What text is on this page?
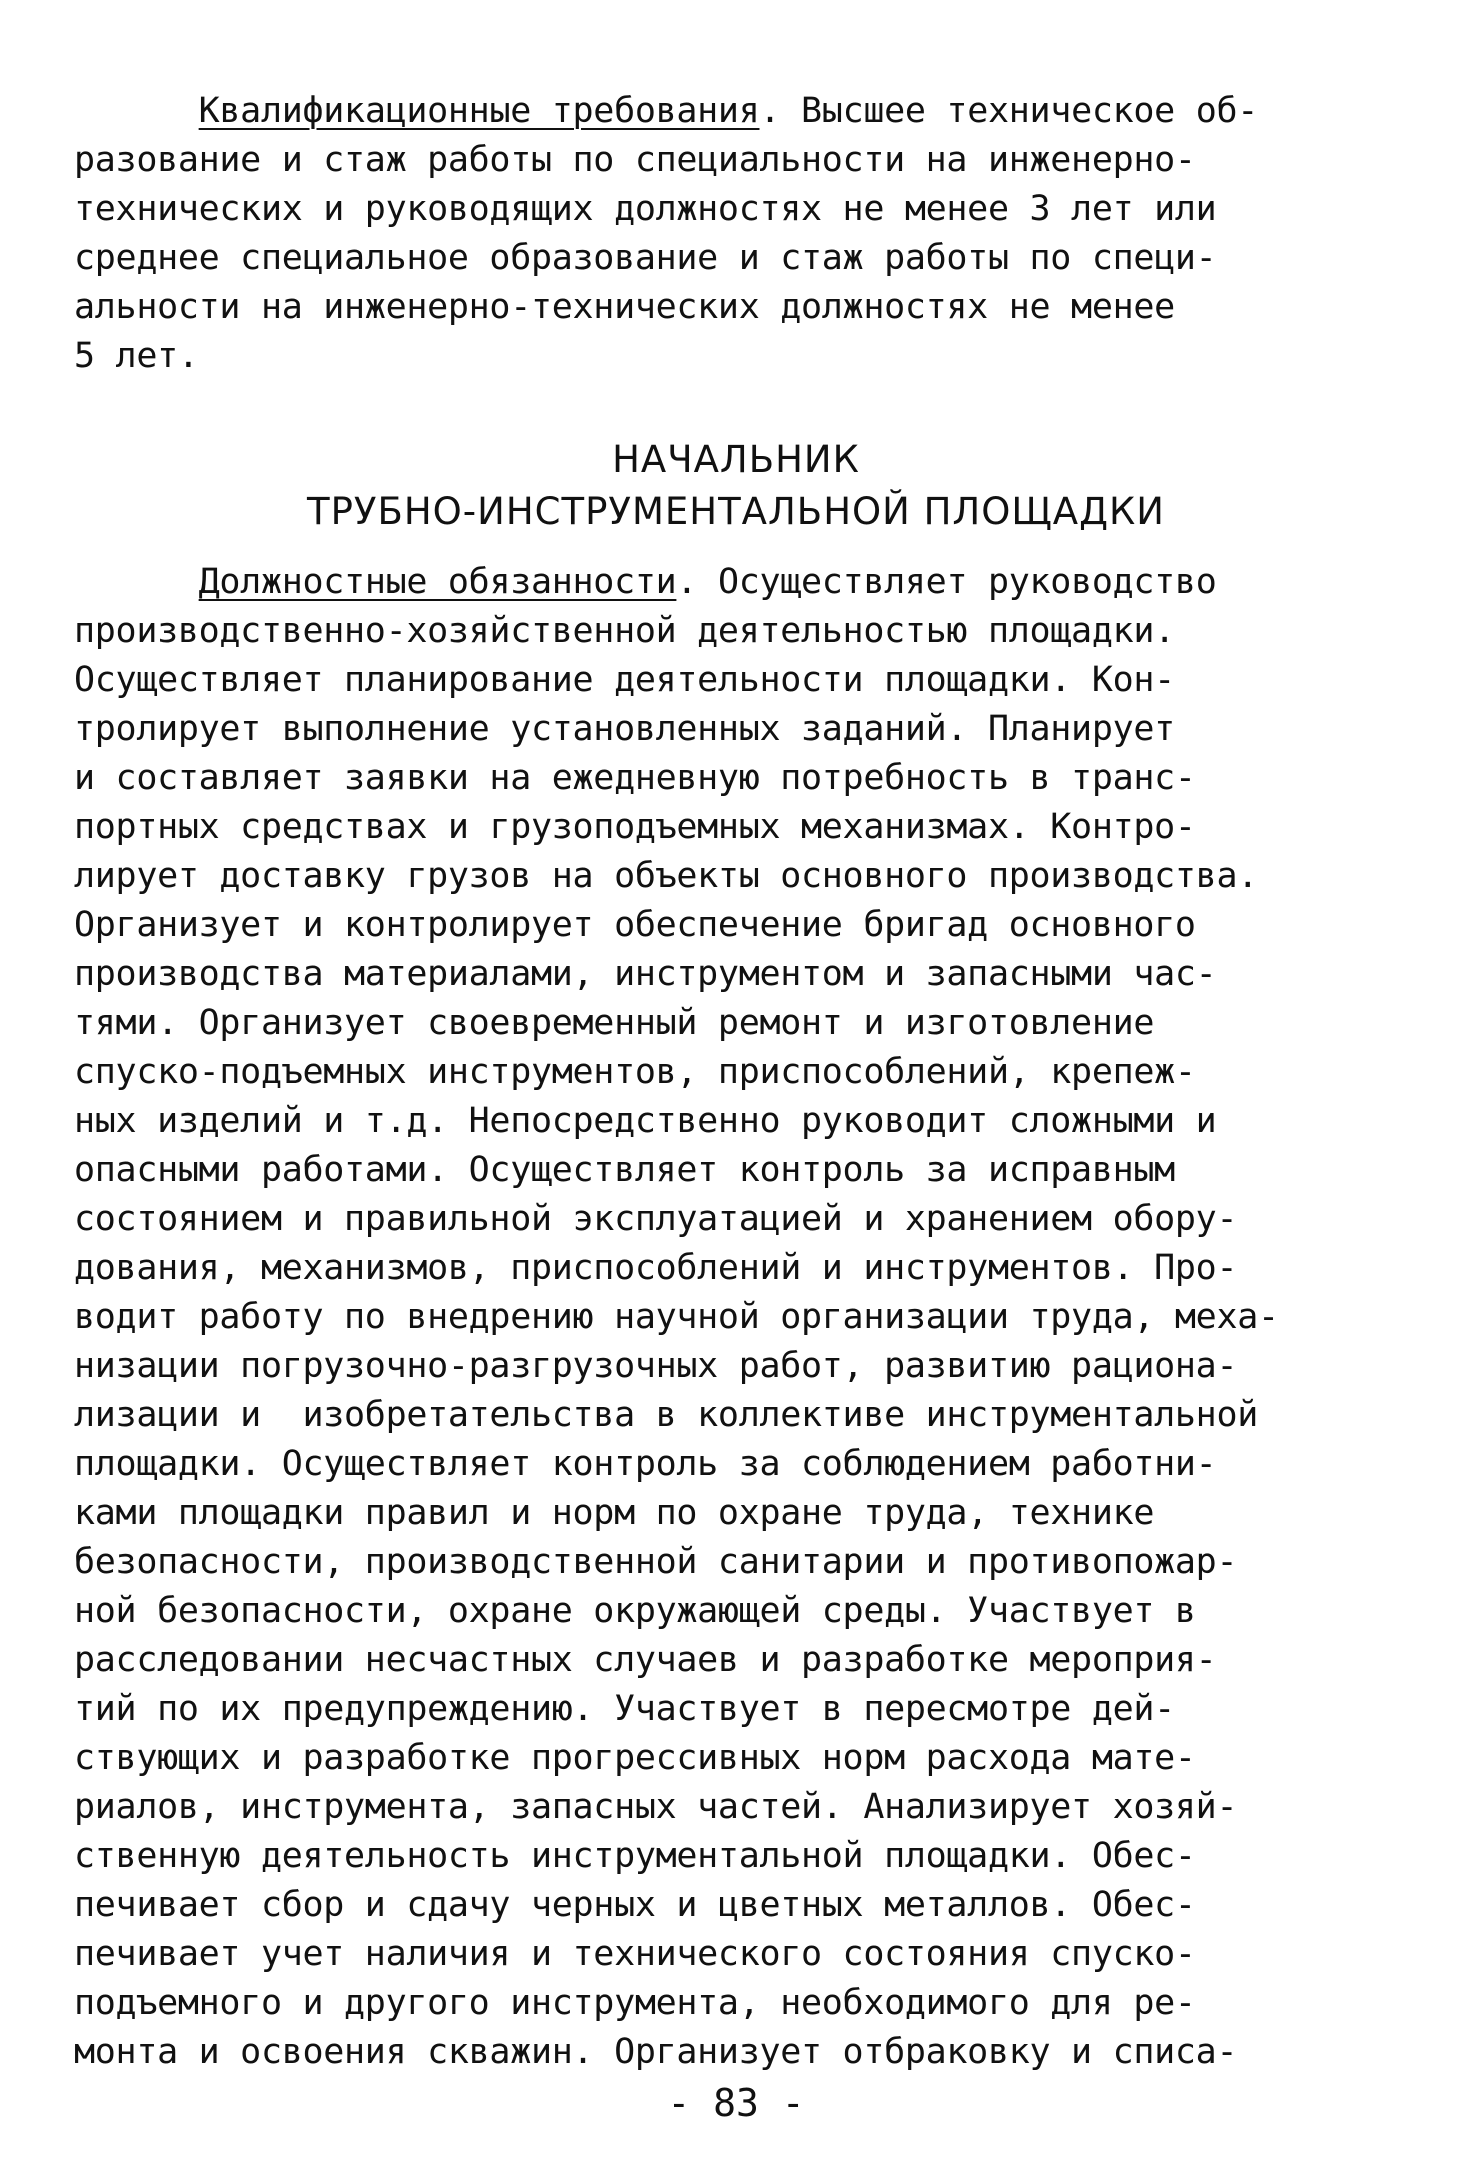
Квалификационные требования. Высшее техническое об-
разование и стаж работы по специальности на инженерно-
технических и руководящих должностях не менее 3 лет или
среднее специальное образование и стаж работы по специ-
альности на инженерно-технических должностях не менее
5 лет.
НАЧАЛЬНИК
ТРУБНО-ИНСТРУМЕНТАЛЬНОЙ ПЛОЩАДКИ
Должностные обязанности. Осуществляет руководство
производственно-хозяйственной деятельностью площадки.
Осуществляет планирование деятельности площадки. Кон-
тролирует выполнение установленных заданий. Планирует
и составляет заявки на ежедневную потребность в транс-
портных средствах и грузоподъемных механизмах. Контро-
лирует доставку грузов на объекты основного производства.
Организует и контролирует обеспечение бригад основного
производства материалами, инструментом и запасными час-
тями. Организует своевременный ремонт и изготовление
спуско-подъемных инструментов, приспособлений, крепеж-
ных изделий и т.д. Непосредственно руководит сложными и
опасными работами. Осуществляет контроль за исправным
состоянием и правильной эксплуатацией и хранением обору-
дования, механизмов, приспособлений и инструментов. Про-
водит работу по внедрению научной организации труда, меха-
низации погрузочно-разгрузочных работ, развитию рациона-
лизации и  изобретательства в коллективе инструментальной
площадки. Осуществляет контроль за соблюдением работни-
ками площадки правил и норм по охране труда, технике
безопасности, производственной санитарии и противопожар-
ной безопасности, охране окружающей среды. Участвует в
расследовании несчастных случаев и разработке мероприя-
тий по их предупреждению. Участвует в пересмотре дей-
ствующих и разработке прогрессивных норм расхода мате-
риалов, инструмента, запасных частей. Анализирует хозяй-
ственную деятельность инструментальной площадки. Обес-
печивает сбор и сдачу черных и цветных металлов. Обес-
печивает учет наличия и технического состояния спуско-
подъемного и другого инструмента, необходимого для ре-
монта и освоения скважин. Организует отбраковку и списа-
- 83 -
